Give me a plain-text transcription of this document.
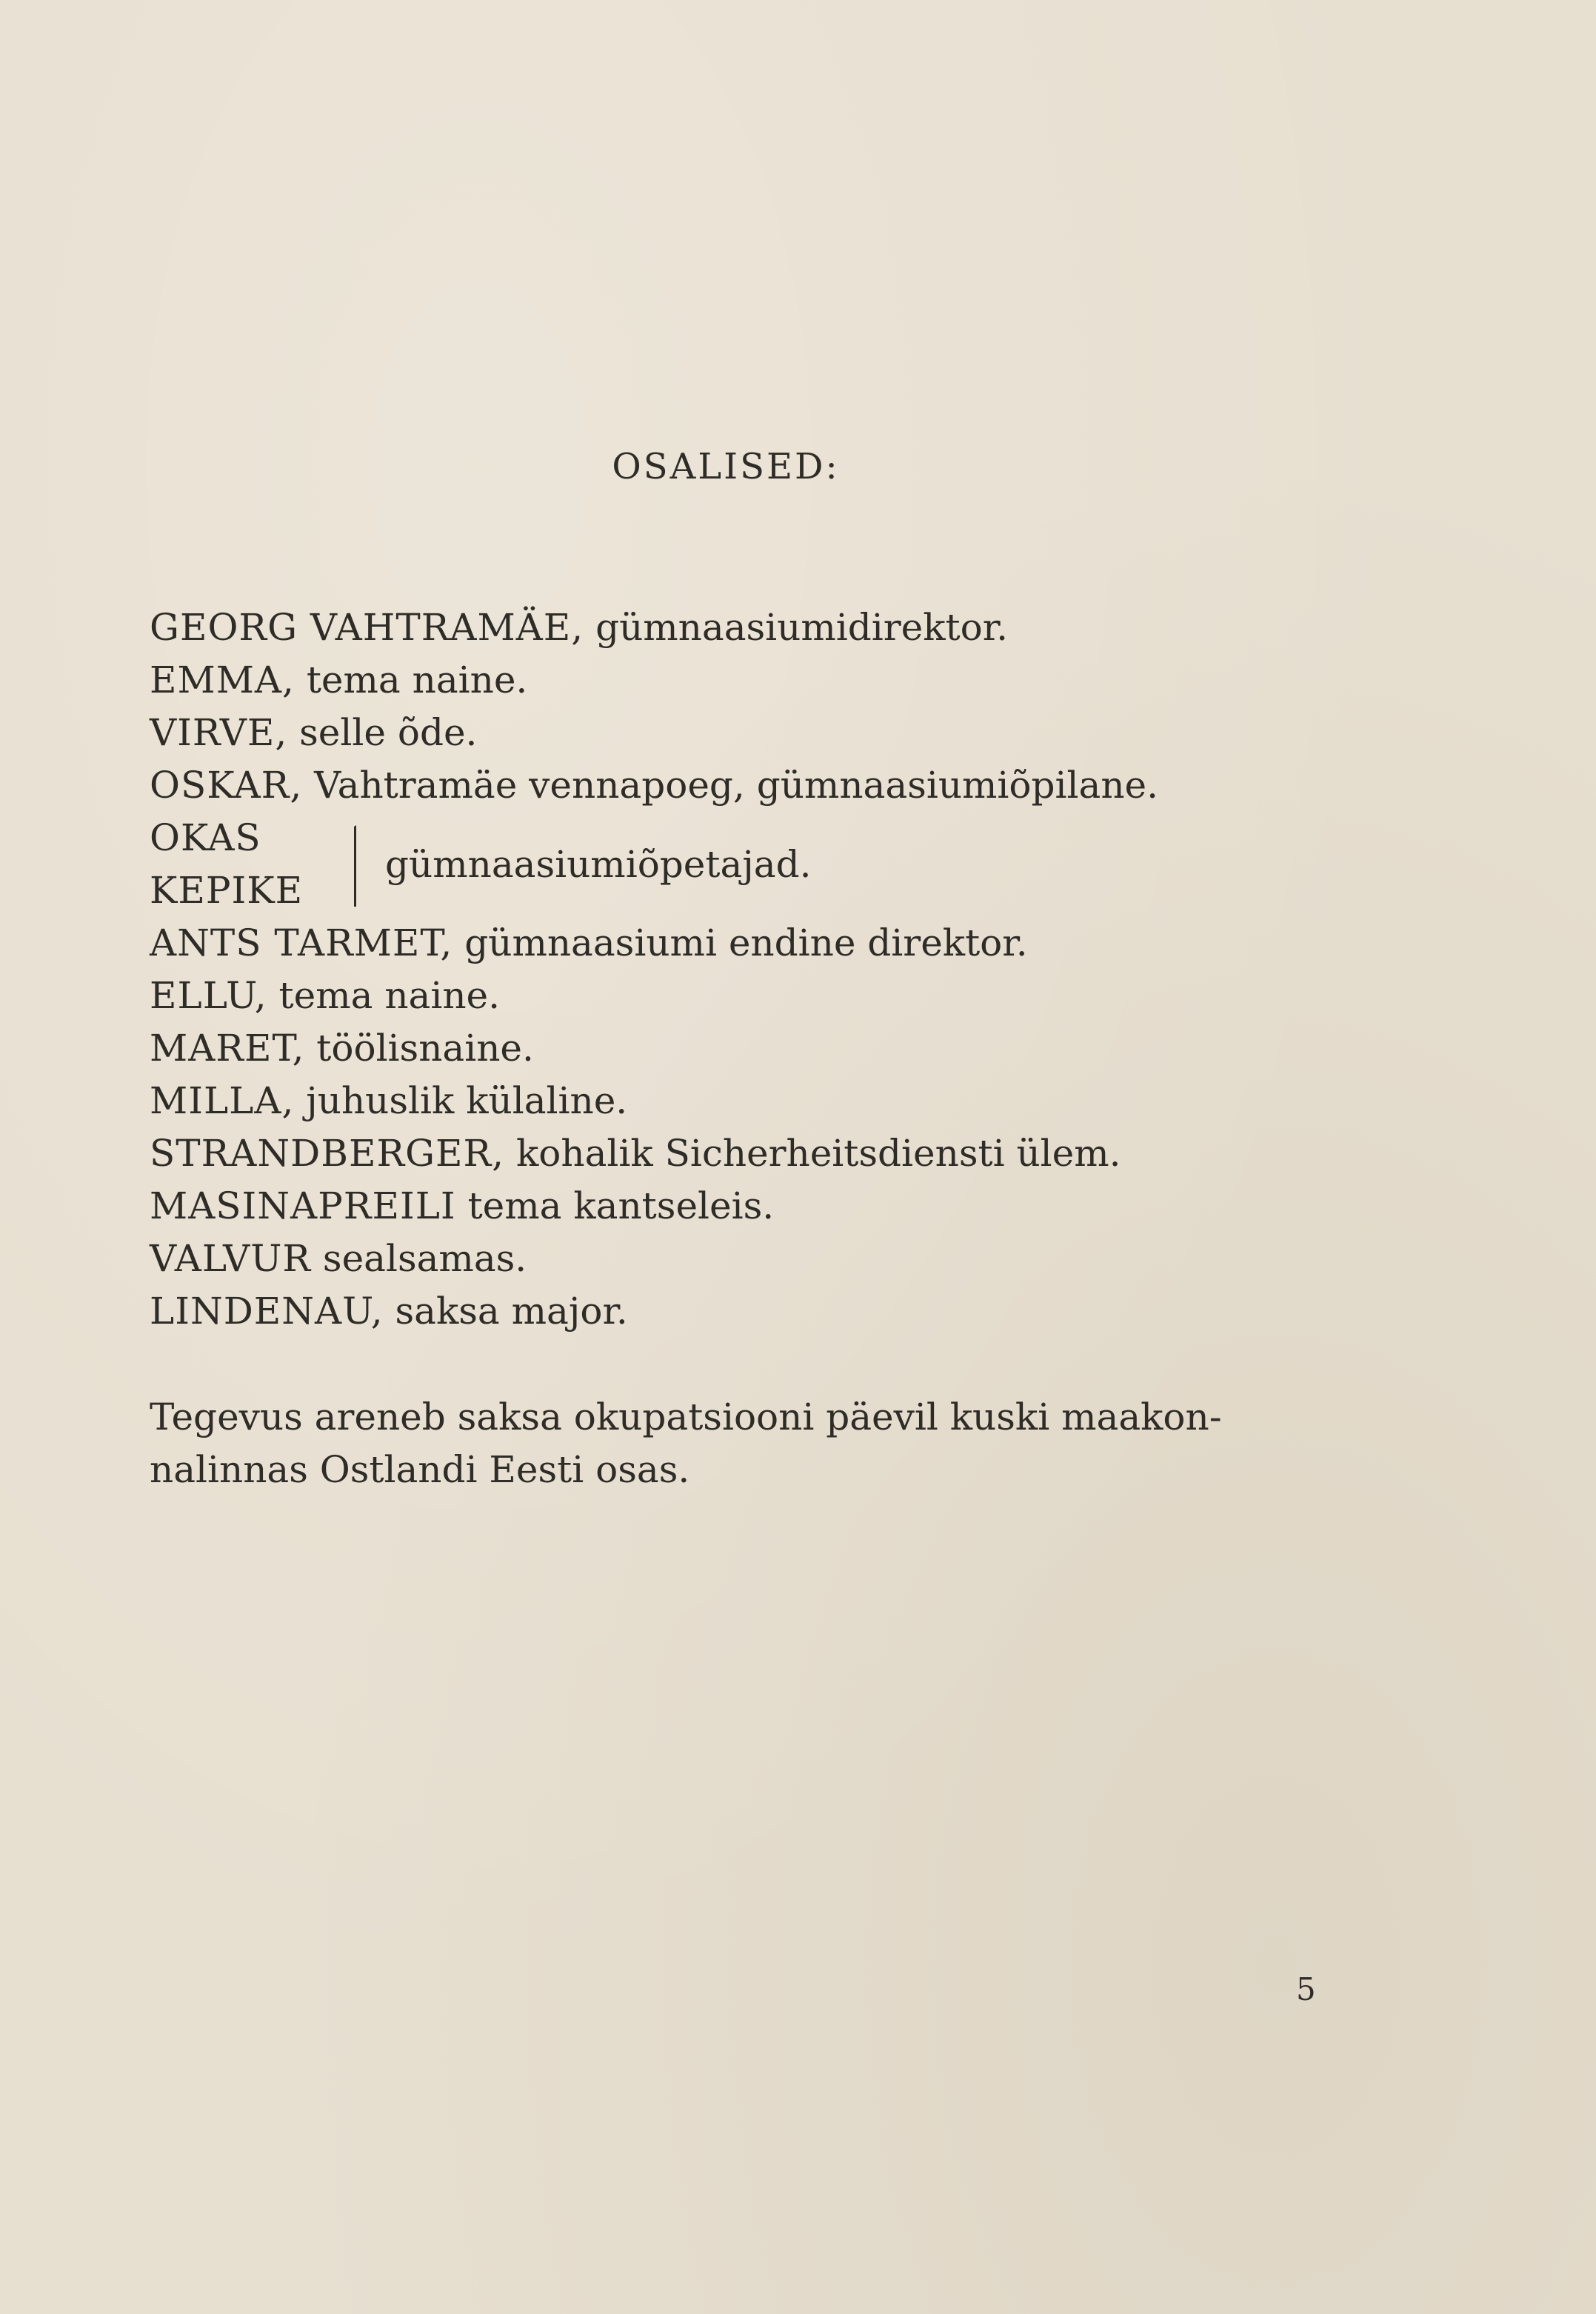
OSALISED:
GEORG VAHTRAMÄE, gümnaasiumidirektor.
EMMA, tema naine.
VIRVE, selle õde.
OSKAR, Vahtramäe vennapoeg, gümnaasiumiõpilane.
OKAS
KEPIKE
gümnaasiumiõpetajad.
ANTS TARMET, gümnaasiumi endine direktor.
ELLU, tema naine.
MARET, töölisnaine.
MILLA, juhuslik külaline.
STRANDBERGER, kohalik Sicherheitsdiensti ülem.
MASINAPREILI tema kantseleis.
VALVUR sealsamas.
LINDENAU, saksa major.

Tegevus areneb saksa okupatsiooni päevil kuski maakon-
nalinnas Ostlandi Eesti osas.

5
